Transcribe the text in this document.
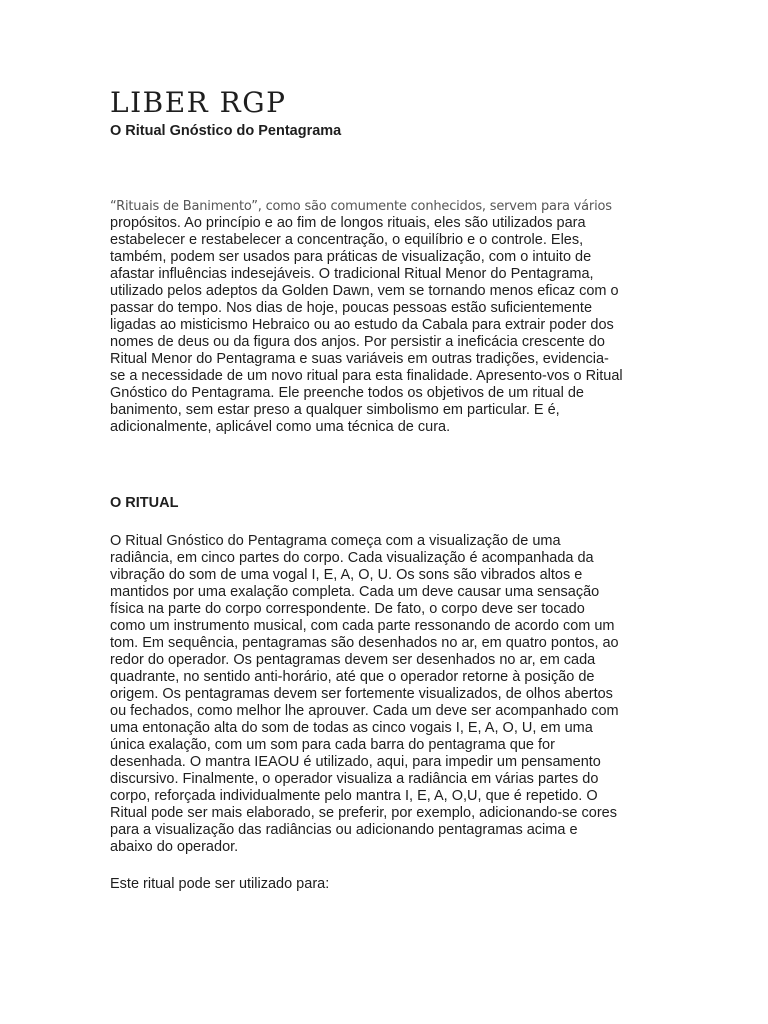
LIBER RGP
O Ritual Gnóstico do Pentagrama

“Rituais de Banimento”, como são comumente conhecidos, servem para vários

propósitos. Ao princípio e ao fim de longos rituais, eles são utilizados para
estabelecer e restabelecer a concentração, o equilíbrio e o controle. Eles,
também, podem ser usados para práticas de visualização, com o intuito de
afastar influências indesejáveis. O tradicional Ritual Menor do Pentagrama,
utilizado pelos adeptos da Golden Dawn, vem se tornando menos eficaz com o
passar do tempo. Nos dias de hoje, poucas pessoas estão suficientemente
ligadas ao misticismo Hebraico ou ao estudo da Cabala para extrair poder dos
nomes de deus ou da figura dos anjos. Por persistir a ineficácia crescente do
Ritual Menor do Pentagrama e suas variáveis em outras tradições, evidencia-
se a necessidade de um novo ritual para esta finalidade. Apresento-vos o Ritual
Gnóstico do Pentagrama. Ele preenche todos os objetivos de um ritual de
banimento, sem estar preso a qualquer simbolismo em particular. E é,
adicionalmente, aplicável como uma técnica de cura.

O RITUAL

O Ritual Gnóstico do Pentagrama começa com a visualização de uma
radiância, em cinco partes do corpo. Cada visualização é acompanhada da
vibração do som de uma vogal I, E, A, O, U. Os sons são vibrados altos e
mantidos por uma exalação completa. Cada um deve causar uma sensação
física na parte do corpo correspondente. De fato, o corpo deve ser tocado
como um instrumento musical, com cada parte ressonando de acordo com um
tom. Em sequência, pentagramas são desenhados no ar, em quatro pontos, ao
redor do operador. Os pentagramas devem ser desenhados no ar, em cada
quadrante, no sentido anti-horário, até que o operador retorne à posição de
origem. Os pentagramas devem ser fortemente visualizados, de olhos abertos
ou fechados, como melhor lhe aprouver. Cada um deve ser acompanhado com
uma entonação alta do som de todas as cinco vogais I, E, A, O, U, em uma
única exalação, com um som para cada barra do pentagrama que for
desenhada. O mantra IEAOU é utilizado, aqui, para impedir um pensamento
discursivo. Finalmente, o operador visualiza a radiância em várias partes do
corpo, reforçada individualmente pelo mantra I, E, A, O,U, que é repetido. O
Ritual pode ser mais elaborado, se preferir, por exemplo, adicionando-se cores
para a visualização das radiâncias ou adicionando pentagramas acima e
abaixo do operador.

Este ritual pode ser utilizado para:
